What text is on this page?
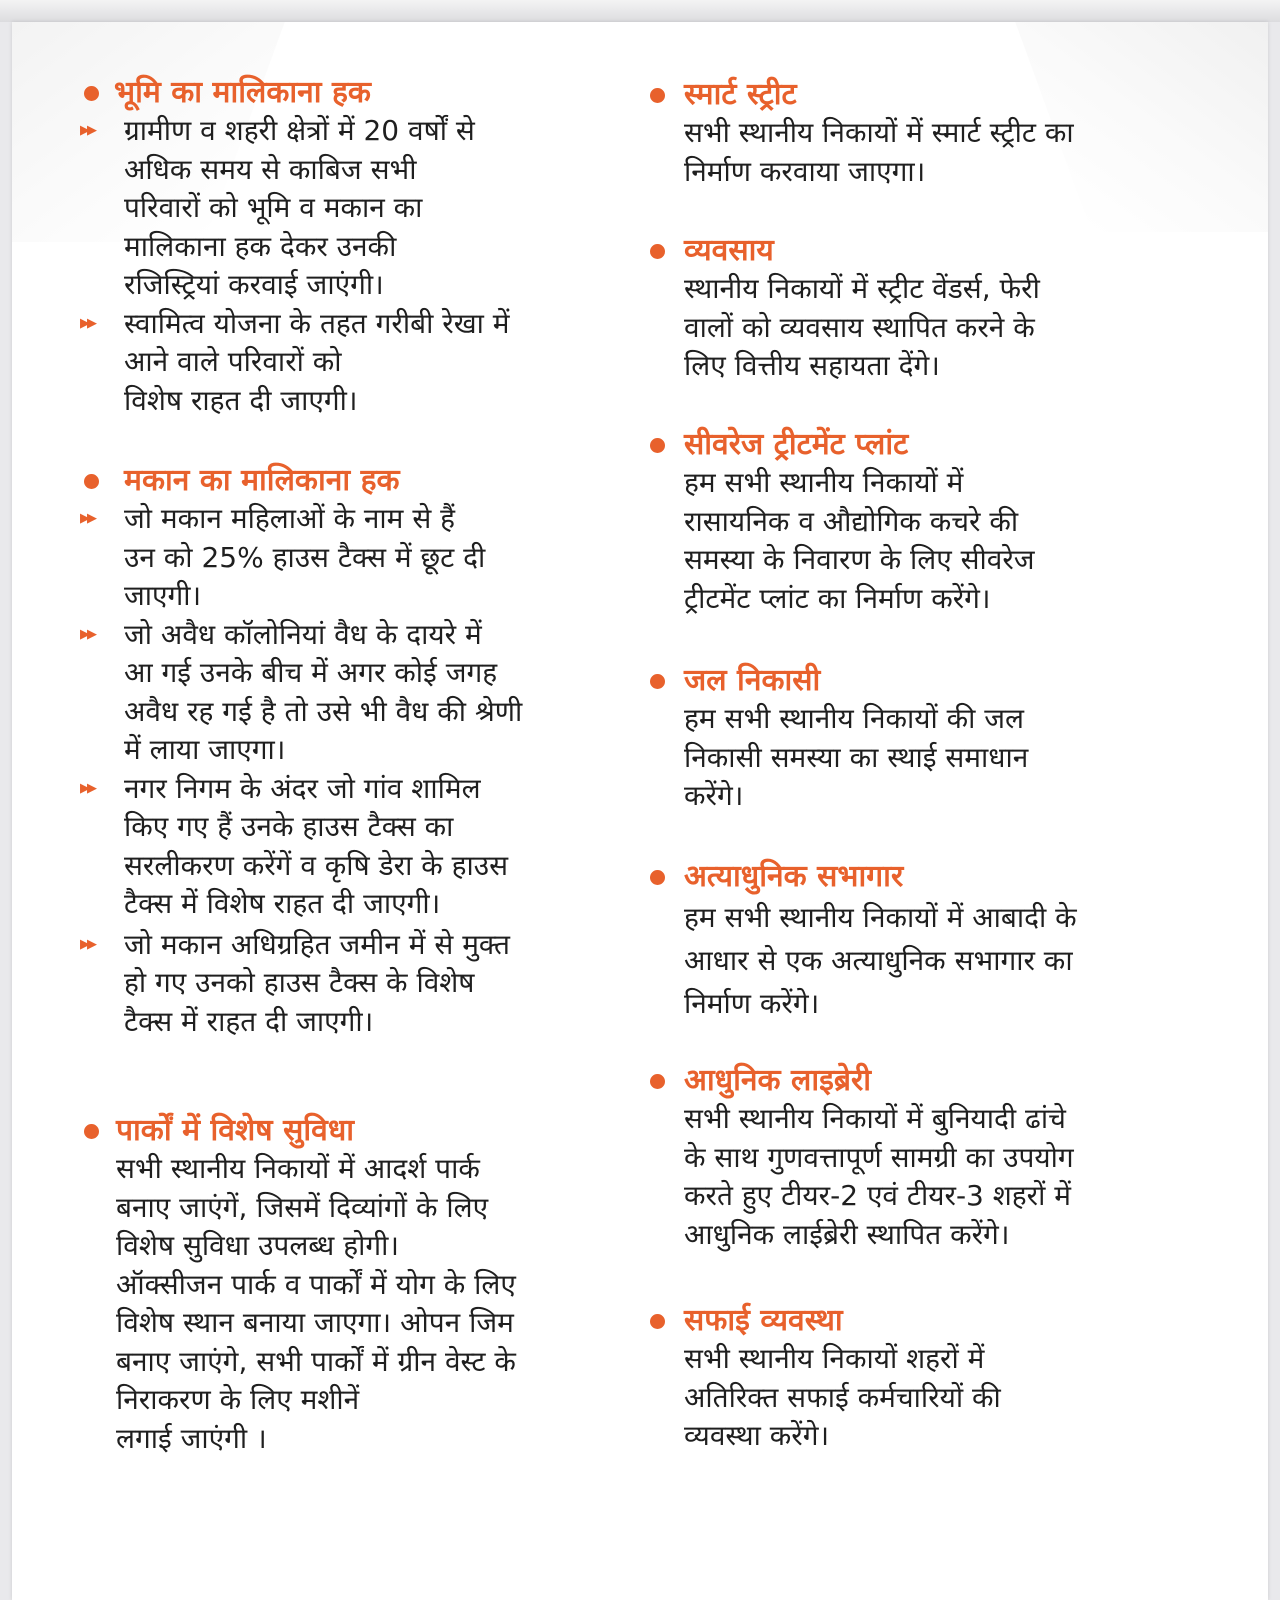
भूमि का मालिकाना हक
▶▶ ग्रामीण व शहरी क्षेत्रों में 20 वर्षों से
अधिक समय से काबिज सभी
परिवारों को भूमि व मकान का
मालिकाना हक देकर उनकी
रजिस्ट्रियां करवाई जाएंगी।
▶▶ स्वामित्व योजना के तहत गरीबी रेखा में
आने वाले परिवारों को
विशेष राहत दी जाएगी।
मकान का मालिकाना हक
▶▶ जो मकान महिलाओं के नाम से हैं
उन को 25% हाउस टैक्स में छूट दी
जाएगी।
▶▶ जो अवैध कॉलोनियां वैध के दायरे में
आ गई उनके बीच में अगर कोई जगह
अवैध रह गई है तो उसे भी वैध की श्रेणी
में लाया जाएगा।
▶▶ नगर निगम के अंदर जो गांव शामिल
किए गए हैं उनके हाउस टैक्स का
सरलीकरण करेंगें व कृषि डेरा के हाउस
टैक्स में विशेष राहत दी जाएगी।
▶▶ जो मकान अधिग्रहित जमीन में से मुक्त
हो गए उनको हाउस टैक्स के विशेष
टैक्स में राहत दी जाएगी।
पार्कों में विशेष सुविधा
सभी स्थानीय निकायों में आदर्श पार्क
बनाए जाएंगें, जिसमें दिव्यांगों के लिए
विशेष सुविधा उपलब्ध होगी।
ऑक्सीजन पार्क व पार्कों में योग के लिए
विशेष स्थान बनाया जाएगा। ओपन जिम
बनाए जाएंगे, सभी पार्कों में ग्रीन वेस्ट के
निराकरण के लिए मशीनें
लगाई जाएंगी ।
स्मार्ट स्ट्रीट
सभी स्थानीय निकायों में स्मार्ट स्ट्रीट का
निर्माण करवाया जाएगा।
व्यवसाय
स्थानीय निकायों में स्ट्रीट वेंडर्स, फेरी
वालों को व्यवसाय स्थापित करने के
लिए वित्तीय सहायता देंगे।
सीवरेज ट्रीटमेंट प्लांट
हम सभी स्थानीय निकायों में
रासायनिक व औद्योगिक कचरे की
समस्या के निवारण के लिए सीवरेज
ट्रीटमेंट प्लांट का निर्माण करेंगे।
जल निकासी
हम सभी स्थानीय निकायों की जल
निकासी समस्या का स्थाई समाधान
करेंगे।
अत्याधुनिक सभागार
हम सभी स्थानीय निकायों में आबादी के
आधार से एक अत्याधुनिक सभागार का
निर्माण करेंगे।
आधुनिक लाइब्रेरी
सभी स्थानीय निकायों में बुनियादी ढांचे
के साथ गुणवत्तापूर्ण सामग्री का उपयोग
करते हुए टीयर-2 एवं टीयर-3 शहरों में
आधुनिक लाईब्रेरी स्थापित करेंगे।
सफाई व्यवस्था
सभी स्थानीय निकायों शहरों में
अतिरिक्त सफाई कर्मचारियों की
व्यवस्था करेंगे।
